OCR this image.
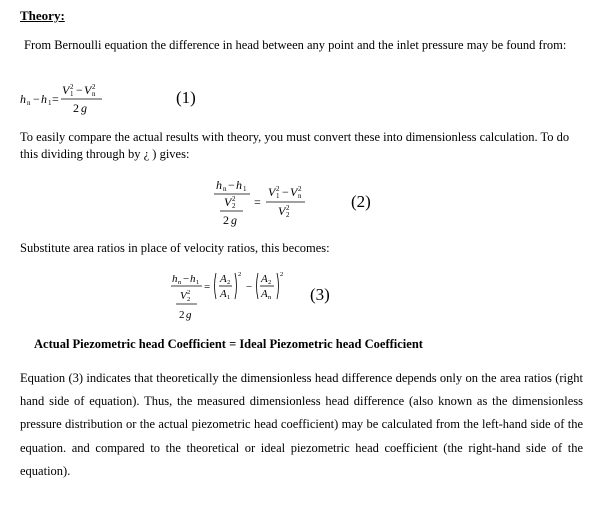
Theory:
From Bernoulli equation the difference in head between any point and the inlet pressure may be found from:
h n − h 1 =
V 2
1 − V 2
n
2 g
(1)
To easily compare the actual results with theory, you must convert these into dimensionless calculation. To do this dividing through by ¿ ) gives:
h n − h 1
V 2
2
2 g
=
V 2
1 − V 2
n
V 2
2
(2)
Substitute area ratios in place of velocity ratios, this becomes:
h n − h 1
V 2
2
2 g
=
A 2
A 1
2
−
A 2
A n
2
(3)
Actual Piezometric head Coefficient = Ideal Piezometric head Coefficient
Equation (3) indicates that theoretically the dimensionless head difference depends only on the area ratios (right hand side of equation). Thus, the measured dimensionless head difference (also known as the dimensionless pressure distribution or the actual piezometric head coefficient) may be calculated from the left-hand side of the equation. and compared to the theoretical or ideal piezometric head coefficient (the right-hand side of the equation).
